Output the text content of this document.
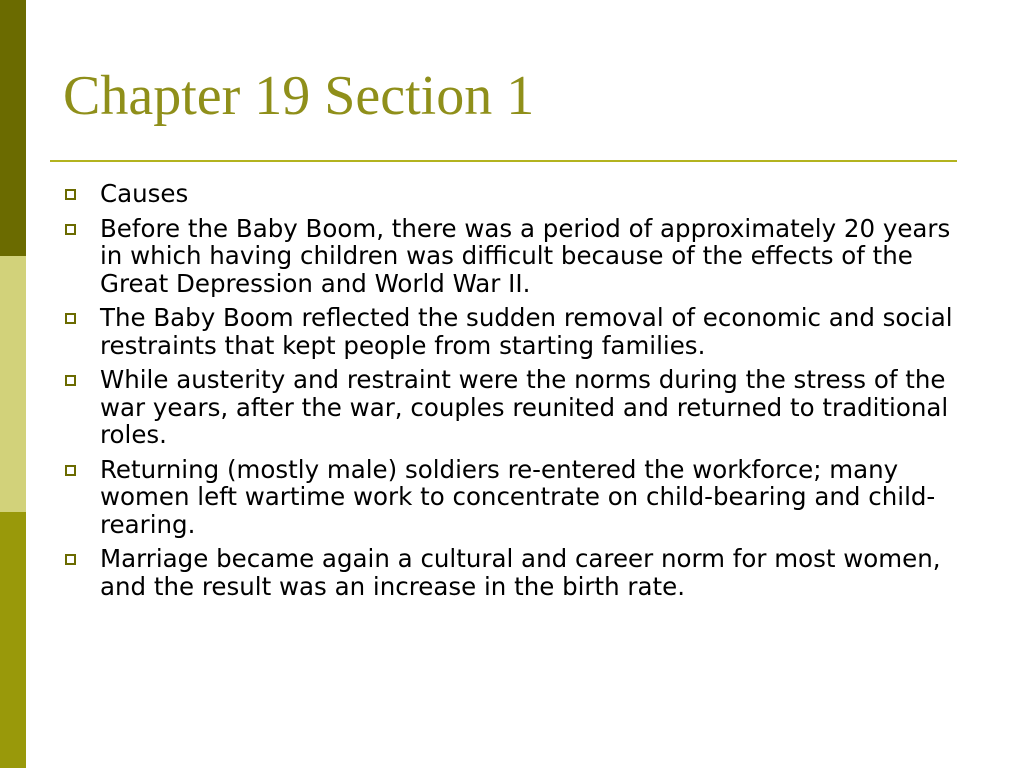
Chapter 19 Section 1
Causes
Before the Baby Boom, there was a period of approximately 20 years in which having children was difficult because of the effects of the Great Depression and World War II.
The Baby Boom reflected the sudden removal of economic and social restraints that kept people from starting families.
While austerity and restraint were the norms during the stress of the war years, after the war, couples reunited and returned to traditional roles.
Returning (mostly male) soldiers re-entered the workforce; many women left wartime work to concentrate on child-bearing and child-rearing.
Marriage became again a cultural and career norm for most women, and the result was an increase in the birth rate.
